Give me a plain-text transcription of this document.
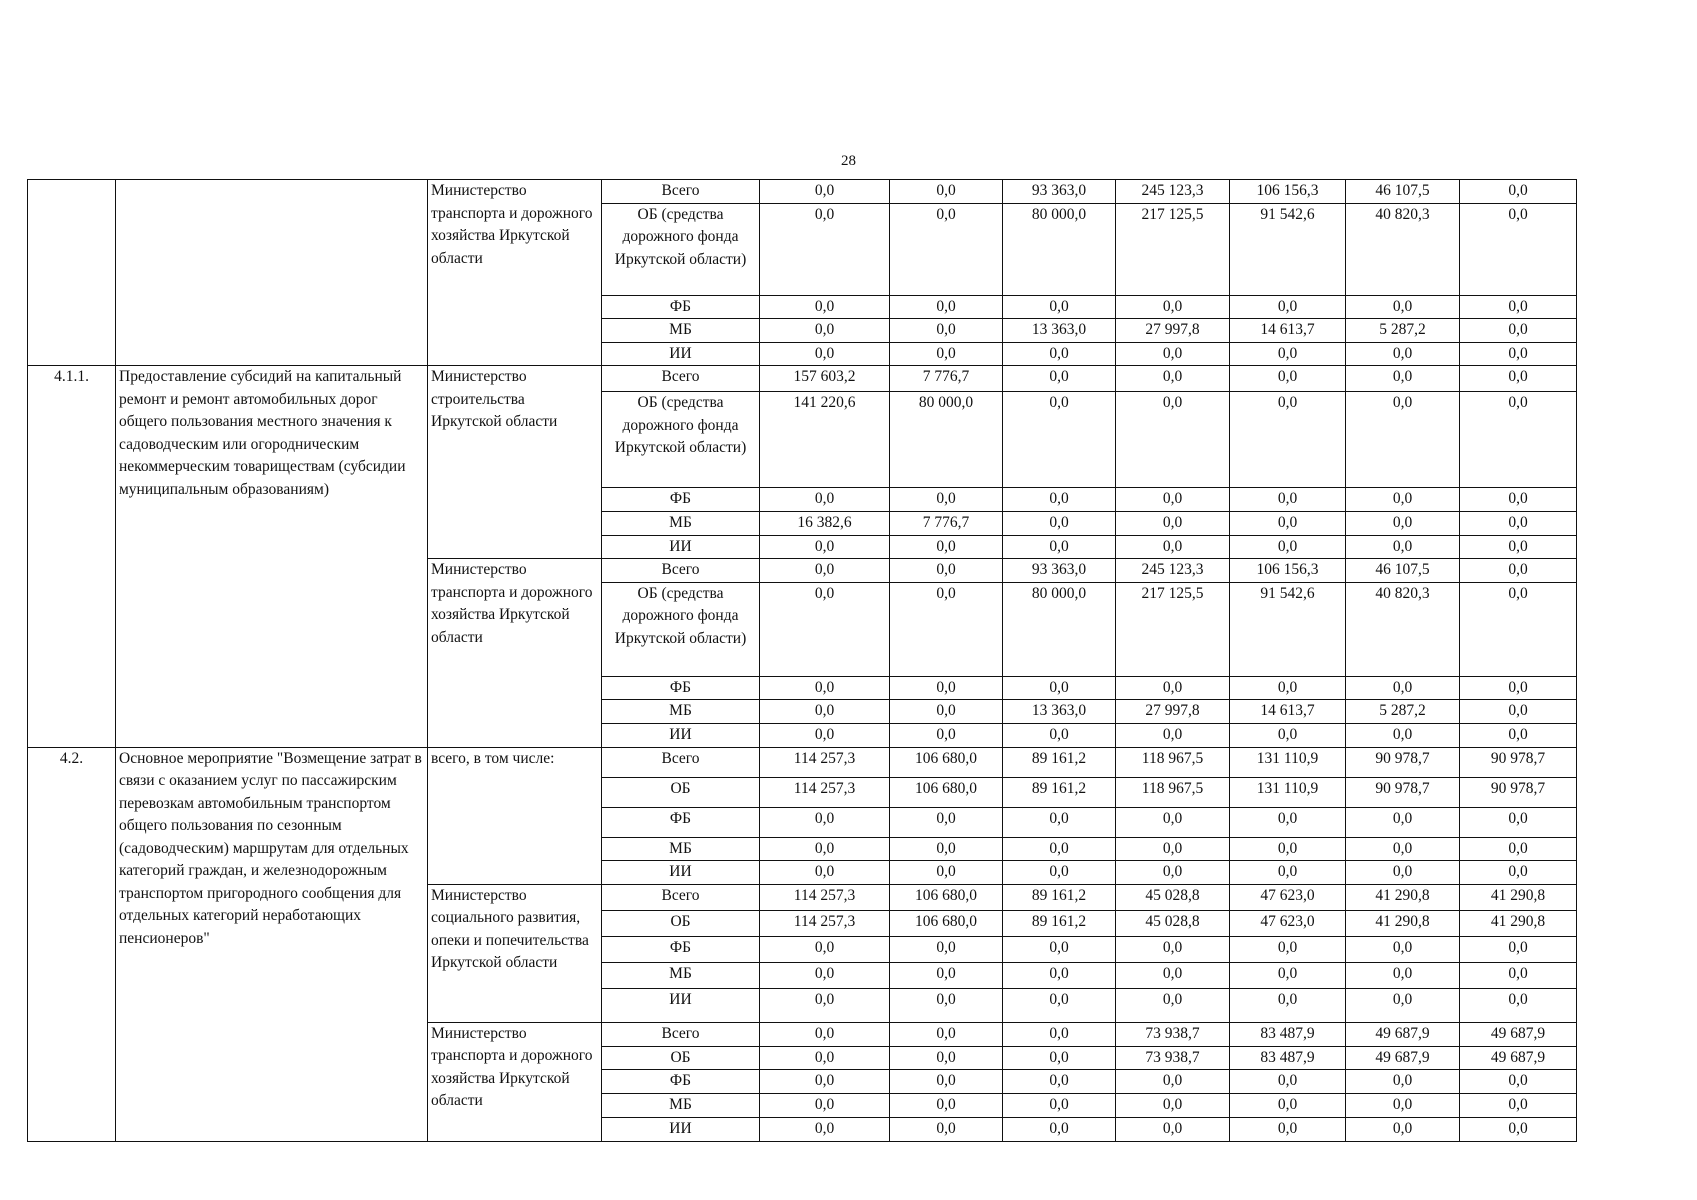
28
		Министерство транспорта и дорожного хозяйства Иркутской области	Всего	0,0	0,0	93 363,0	245 123,3	106 156,3	46 107,5	0,0
			ОБ (средства дорожного фонда Иркутской области)	0,0	0,0	80 000,0	217 125,5	91 542,6	40 820,3	0,0
			ФБ	0,0	0,0	0,0	0,0	0,0	0,0	0,0
			МБ	0,0	0,0	13 363,0	27 997,8	14 613,7	5 287,2	0,0
			ИИ	0,0	0,0	0,0	0,0	0,0	0,0	0,0
4.1.1.	Предоставление субсидий на капитальный ремонт и ремонт автомобильных дорог общего пользования местного значения к садоводческим или огородническим некоммерческим товариществам (субсидии муниципальным образованиям)	Министерство строительства Иркутской области	Всего	157 603,2	7 776,7	0,0	0,0	0,0	0,0	0,0
			ОБ (средства дорожного фонда Иркутской области)	141 220,6	80 000,0	0,0	0,0	0,0	0,0	0,0
			ФБ	0,0	0,0	0,0	0,0	0,0	0,0	0,0
			МБ	16 382,6	7 776,7	0,0	0,0	0,0	0,0	0,0
			ИИ	0,0	0,0	0,0	0,0	0,0	0,0	0,0
		Министерство транспорта и дорожного хозяйства Иркутской области	Всего	0,0	0,0	93 363,0	245 123,3	106 156,3	46 107,5	0,0
			ОБ (средства дорожного фонда Иркутской области)	0,0	0,0	80 000,0	217 125,5	91 542,6	40 820,3	0,0
			ФБ	0,0	0,0	0,0	0,0	0,0	0,0	0,0
			МБ	0,0	0,0	13 363,0	27 997,8	14 613,7	5 287,2	0,0
			ИИ	0,0	0,0	0,0	0,0	0,0	0,0	0,0
4.2.	Основное мероприятие "Возмещение затрат в связи с оказанием услуг по пассажирским перевозкам автомобильным транспортом общего пользования по сезонным (садоводческим) маршрутам для отдельных категорий граждан, и железнодорожным транспортом пригородного сообщения для отдельных категорий неработающих пенсионеров"	всего, в том числе:	Всего	114 257,3	106 680,0	89 161,2	118 967,5	131 110,9	90 978,7	90 978,7
			ОБ	114 257,3	106 680,0	89 161,2	118 967,5	131 110,9	90 978,7	90 978,7
			ФБ	0,0	0,0	0,0	0,0	0,0	0,0	0,0
			МБ	0,0	0,0	0,0	0,0	0,0	0,0	0,0
			ИИ	0,0	0,0	0,0	0,0	0,0	0,0	0,0
		Министерство социального развития, опеки и попечительства Иркутской области	Всего	114 257,3	106 680,0	89 161,2	45 028,8	47 623,0	41 290,8	41 290,8
			ОБ	114 257,3	106 680,0	89 161,2	45 028,8	47 623,0	41 290,8	41 290,8
			ФБ	0,0	0,0	0,0	0,0	0,0	0,0	0,0
			МБ	0,0	0,0	0,0	0,0	0,0	0,0	0,0
			ИИ	0,0	0,0	0,0	0,0	0,0	0,0	0,0
		Министерство транспорта и дорожного хозяйства Иркутской области	Всего	0,0	0,0	0,0	73 938,7	83 487,9	49 687,9	49 687,9
			ОБ	0,0	0,0	0,0	73 938,7	83 487,9	49 687,9	49 687,9
			ФБ	0,0	0,0	0,0	0,0	0,0	0,0	0,0
			МБ	0,0	0,0	0,0	0,0	0,0	0,0	0,0
			ИИ	0,0	0,0	0,0	0,0	0,0	0,0	0,0
